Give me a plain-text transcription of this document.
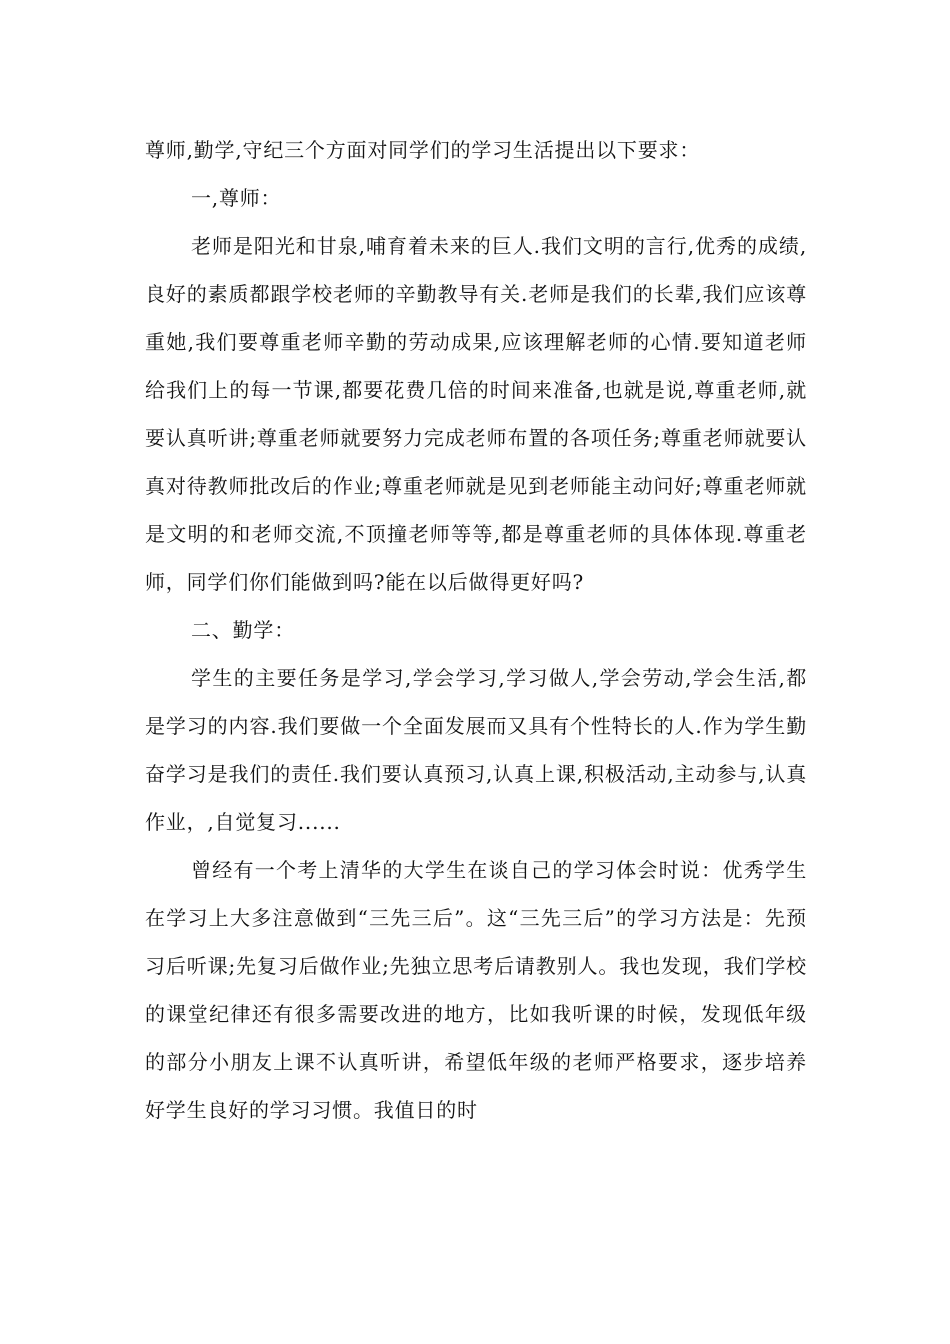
尊师,勤学,守纪三个方面对同学们的学习生活提出以下要求：

一,尊师：

老师是阳光和甘泉,哺育着未来的巨人.我们文明的言行,优秀的成绩,良好的素质都跟学校老师的辛勤教导有关.老师是我们的长辈,我们应该尊重她,我们要尊重老师辛勤的劳动成果,应该理解老师的心情.要知道老师给我们上的每一节课,都要花费几倍的时间来准备,也就是说,尊重老师,就要认真听讲;尊重老师就要努力完成老师布置的各项任务;尊重老师就要认真对待教师批改后的作业;尊重老师就是见到老师能主动问好;尊重老师就是文明的和老师交流,不顶撞老师等等,都是尊重老师的具体体现.尊重老师，同学们你们能做到吗?能在以后做得更好吗?

二、勤学：

学生的主要任务是学习,学会学习,学习做人,学会劳动,学会生活,都是学习的内容.我们要做一个全面发展而又具有个性特长的人.作为学生勤奋学习是我们的责任.我们要认真预习,认真上课,积极活动,主动参与,认真作业，,自觉复习......

曾经有一个考上清华的大学生在谈自己的学习体会时说：优秀学生在学习上大多注意做到“三先三后”。这“三先三后”的学习方法是：先预习后听课;先复习后做作业;先独立思考后请教别人。我也发现，我们学校的课堂纪律还有很多需要改进的地方，比如我听课的时候，发现低年级的部分小朋友上课不认真听讲，希望低年级的老师严格要求，逐步培养好学生良好的学习习惯。我值日的时
